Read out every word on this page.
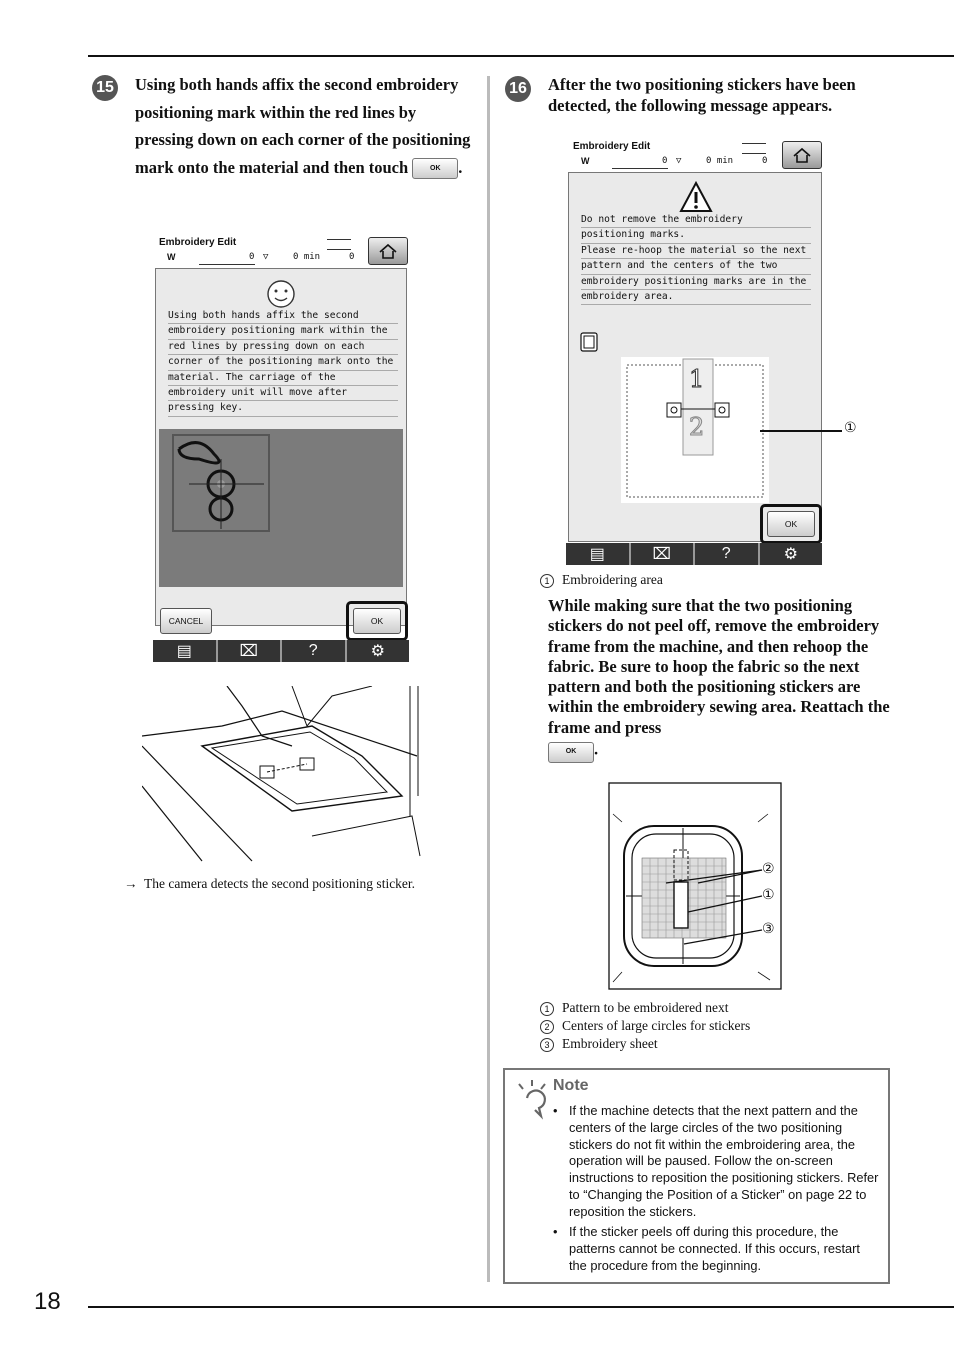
15 Using both hands affix the second embroidery positioning mark within the red lines by pressing down on each corner of the positioning mark onto the material and then touch	OK .
Embroidery Edit
W	0 ▽	0 min	0
Using both hands affix the second
embroidery positioning mark within the
red lines by pressing down on each
corner of the positioning mark onto the
material. The carriage of the
embroidery unit will move after
pressing key.
CANCEL	OK
▤	⌧	?	⚙
→ The camera detects the second positioning sticker.
16 After the two positioning stickers have been detected, the following message appears.
Embroidery Edit
W	0 ▽	0 min	0
Do not remove the embroidery
positioning marks.
Please re-hoop the material so the next
pattern and the centers of the two
embroidery positioning marks are in the
embroidery area.
1
2
OK
▤	⌧	?	⚙
①
1 Embroidering area
While making sure that the two positioning stickers do not peel off, remove the embroidery frame from the machine, and then rehoop the fabric. Be sure to hoop the fabric so the next pattern and both the positioning stickers are within the embroidery sewing area. Reattach the frame and press
OK .
②
①
③
1 Pattern to be embroidered next
2 Centers of large circles for stickers
3 Embroidery sheet
Note
• If the machine detects that the next pattern and the centers of the large circles of the two positioning stickers do not fit within the embroidering area, the operation will be paused. Follow the on-screen instructions to reposition the positioning stickers. Refer to “Changing the Position of a Sticker” on page 22 to reposition the stickers.
• If the sticker peels off during this procedure, the patterns cannot be connected. If this occurs, restart the procedure from the beginning.
18
